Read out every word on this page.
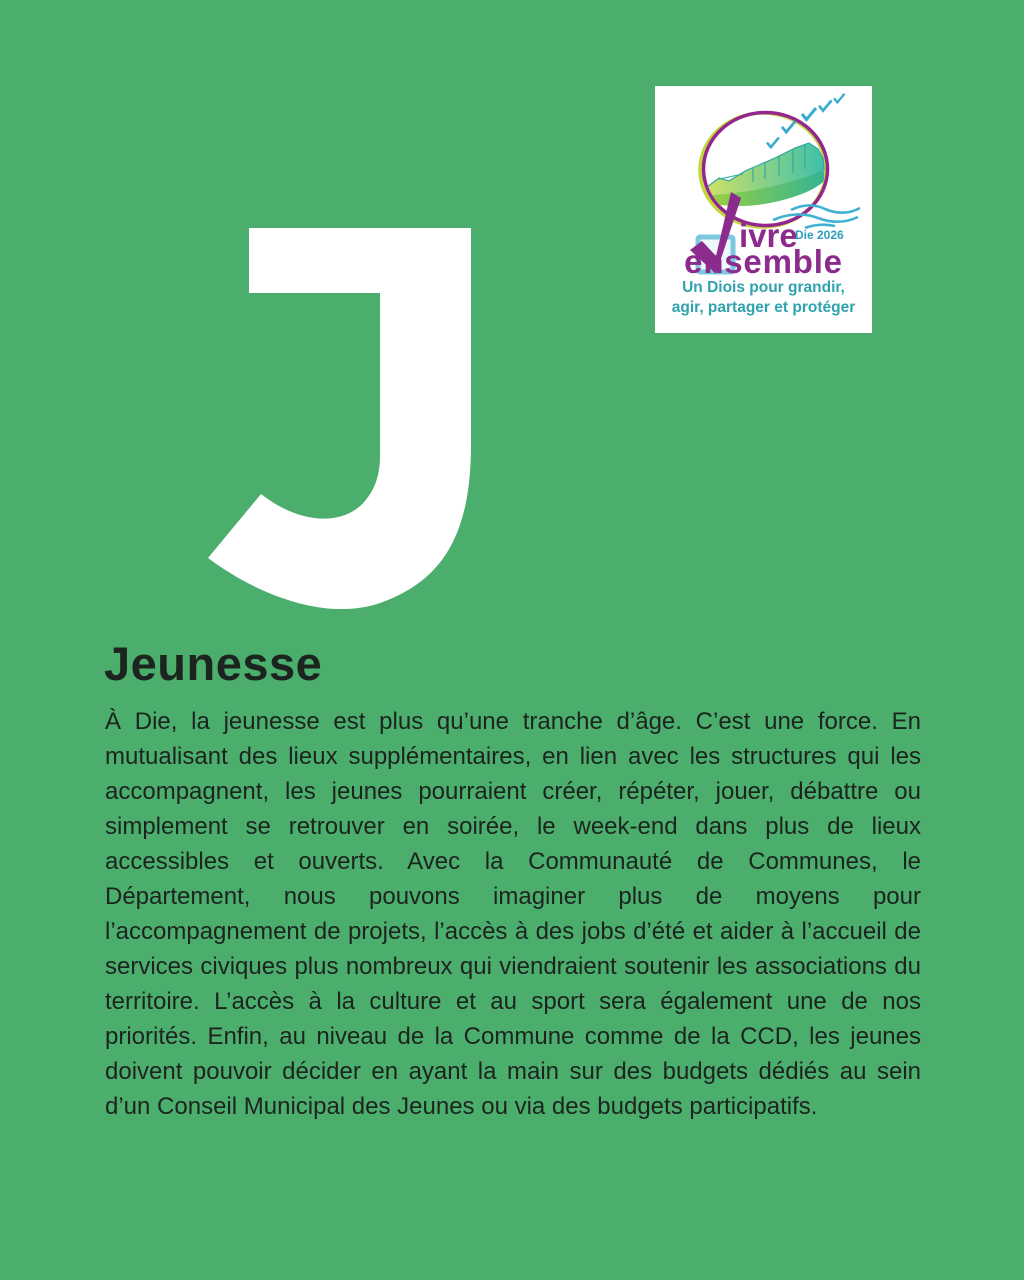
ivre
Die 2026
ensemble
Un Diois pour grandir,
agir, partager et protéger
Jeunesse

À Die, la jeunesse est plus qu’une tranche d’âge. C’est une force. En mutualisant des lieux supplémentaires, en lien avec les structures qui les accompagnent, les jeunes pourraient créer, répéter, jouer, débattre ou simplement se retrouver en soirée, le week-end dans plus de lieux accessibles et ouverts. Avec la Communauté de Communes, le Département, nous pouvons imaginer plus de moyens pour l’accompagnement de projets, l’accès à des jobs d’été et aider à l’accueil de services civiques plus nombreux qui viendraient soutenir les associations du territoire. L’accès à la culture et au sport sera également une de nos priorités. Enfin, au niveau de la Commune comme de la CCD, les jeunes doivent pouvoir décider en ayant la main sur des budgets dédiés au sein d’un Conseil Municipal des Jeunes ou via des budgets participatifs.
